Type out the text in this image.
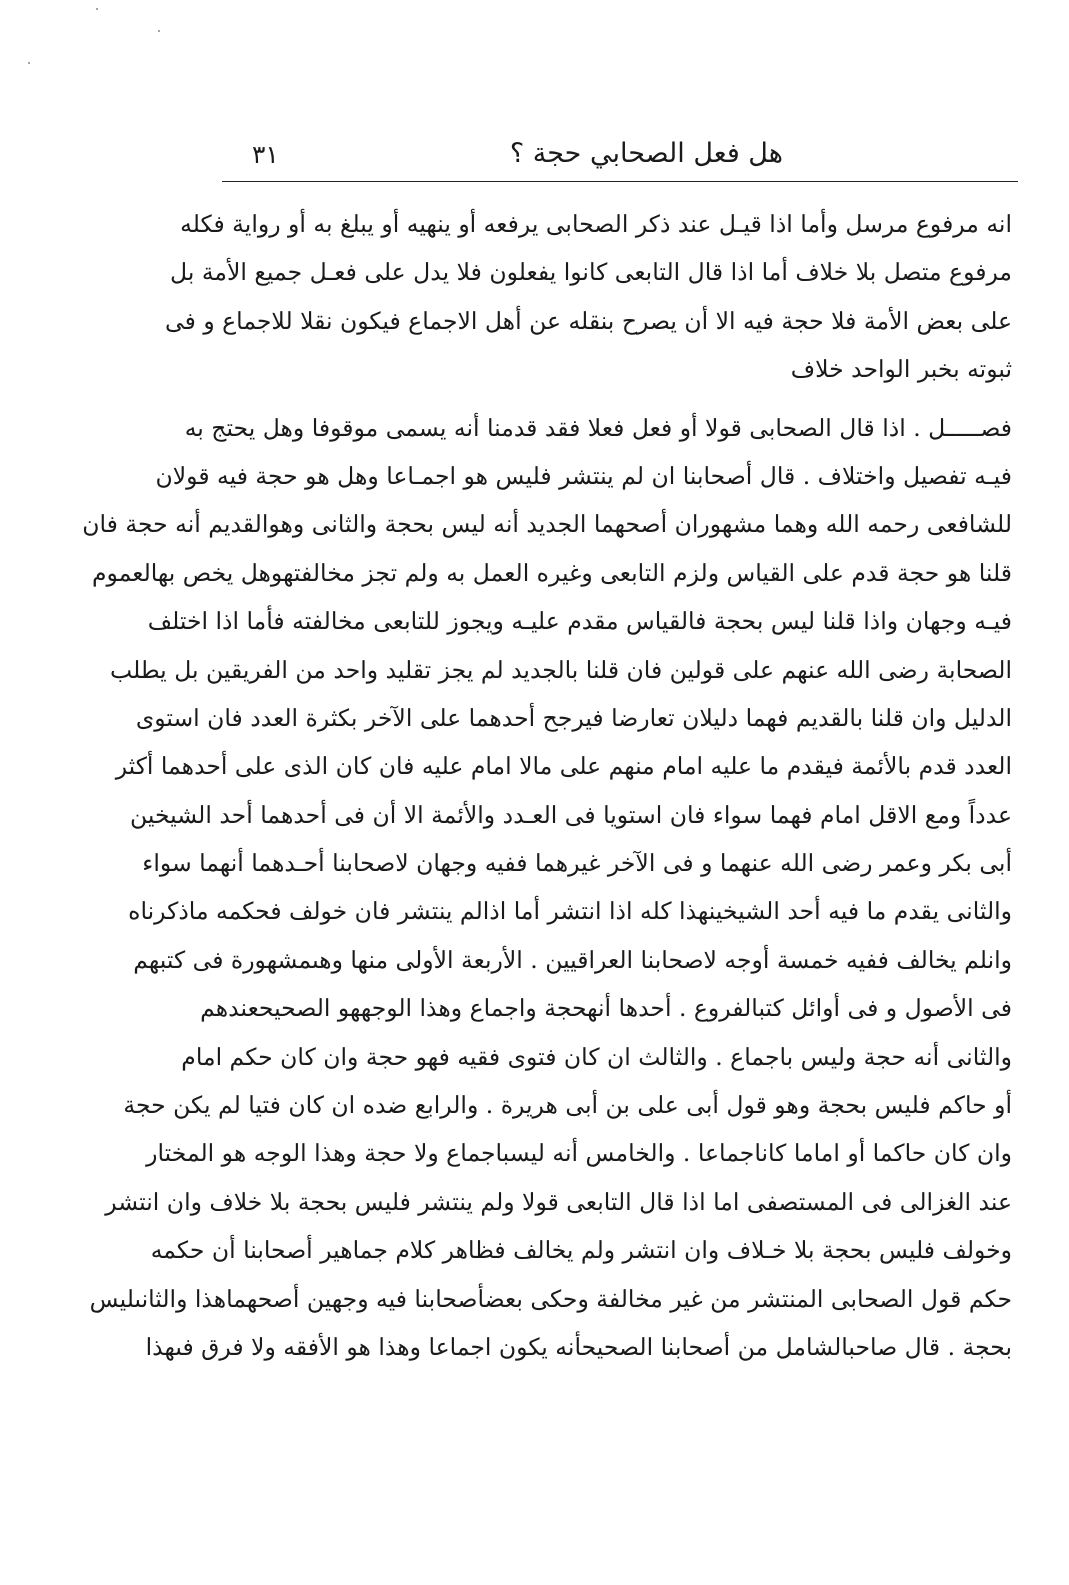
هل فعل الصحابي حجة ؟
٣١
انه مرفوع مرسل وأما اذا قيـل عند ذكر الصحابى يرفعه أو ينهيه أو يبلغ به أو رواية فكله
مرفوع متصل بلا خلاف أما اذا قال التابعى كانوا يفعلون فلا يدل على فعـل جميع الأمة بل
على بعض الأمة فلا حجة فيه الا أن يصرح بنقله عن أهل الاجماع فيكون نقلا للاجماع و فى
ثبوته بخبر الواحد خلاف
فصـــــل . اذا قال الصحابى قولا أو فعل فعلا فقد قدمنا أنه يسمى موقوفا وهل يحتج به
فيـه تفصيل واختلاف . قال أصحابنا ان لم ينتشر فليس هو اجمـاعا وهل هو حجة فيه قولان
للشافعى رحمه الله وهما مشهوران أصحهما الجديد أنه ليس بحجة والثانى وهوالقديم أنه حجة فان
قلنا هو حجة قدم على القياس ولزم التابعى وغيره العمل به ولم تجز مخالفتهوهل يخص بهالعموم
فيـه وجهان واذا قلنا ليس بحجة فالقياس مقدم عليـه ويجوز للتابعى مخالفته فأما اذا اختلف
الصحابة رضى الله عنهم على قولين فان قلنا بالجديد لم يجز تقليد واحد من الفريقين بل يطلب
الدليل وان قلنا بالقديم فهما دليلان تعارضا فيرجح أحدهما على الآخر بكثرة العدد فان استوى
العدد قدم بالأئمة فيقدم ما عليه امام منهم على مالا امام عليه فان كان الذى على أحدهما أكثر
عدداً ومع الاقل امام فهما سواء فان استويا فى العـدد والأئمة الا أن فى أحدهما أحد الشيخين
أبى بكر وعمر رضى الله عنهما و فى الآخر غيرهما ففيه وجهان لاصحابنا أحـدهما أنهما سواء
والثانى يقدم ما فيه أحد الشيخينهذا كله اذا انتشر أما اذالم ينتشر فان خولف فحكمه ماذكرناه
وانلم يخالف ففيه خمسة أوجه لاصحابنا العراقيين . الأربعة الأولى منها وهىمشهورة فى كتبهم
فى الأصول و فى أوائل كتبالفروع . أحدها أنهحجة واجماع وهذا الوجههو الصحيحعندهم
والثانى أنه حجة وليس باجماع . والثالث ان كان فتوى فقيه فهو حجة وان كان حكم امام
أو حاكم فليس بحجة وهو قول أبى على بن أبى هريرة . والرابع ضده ان كان فتيا لم يكن حجة
وان كان حاكما أو اماما كاناجماعا . والخامس أنه ليسباجماع ولا حجة وهذا الوجه هو المختار
عند الغزالى فى المستصفى اما اذا قال التابعى قولا ولم ينتشر فليس بحجة بلا خلاف وان انتشر
وخولف فليس بحجة بلا خـلاف وان انتشر ولم يخالف فظاهر كلام جماهير أصحابنا أن حكمه
حكم قول الصحابى المنتشر من غير مخالفة وحكى بعضأصحابنا فيه وجهين أصحهماهذا والثانىليس
بحجة . قال صاحبالشامل من أصحابنا الصحيحأنه يكون اجماعا وهذا هو الأفقه ولا فرق فىهذا
